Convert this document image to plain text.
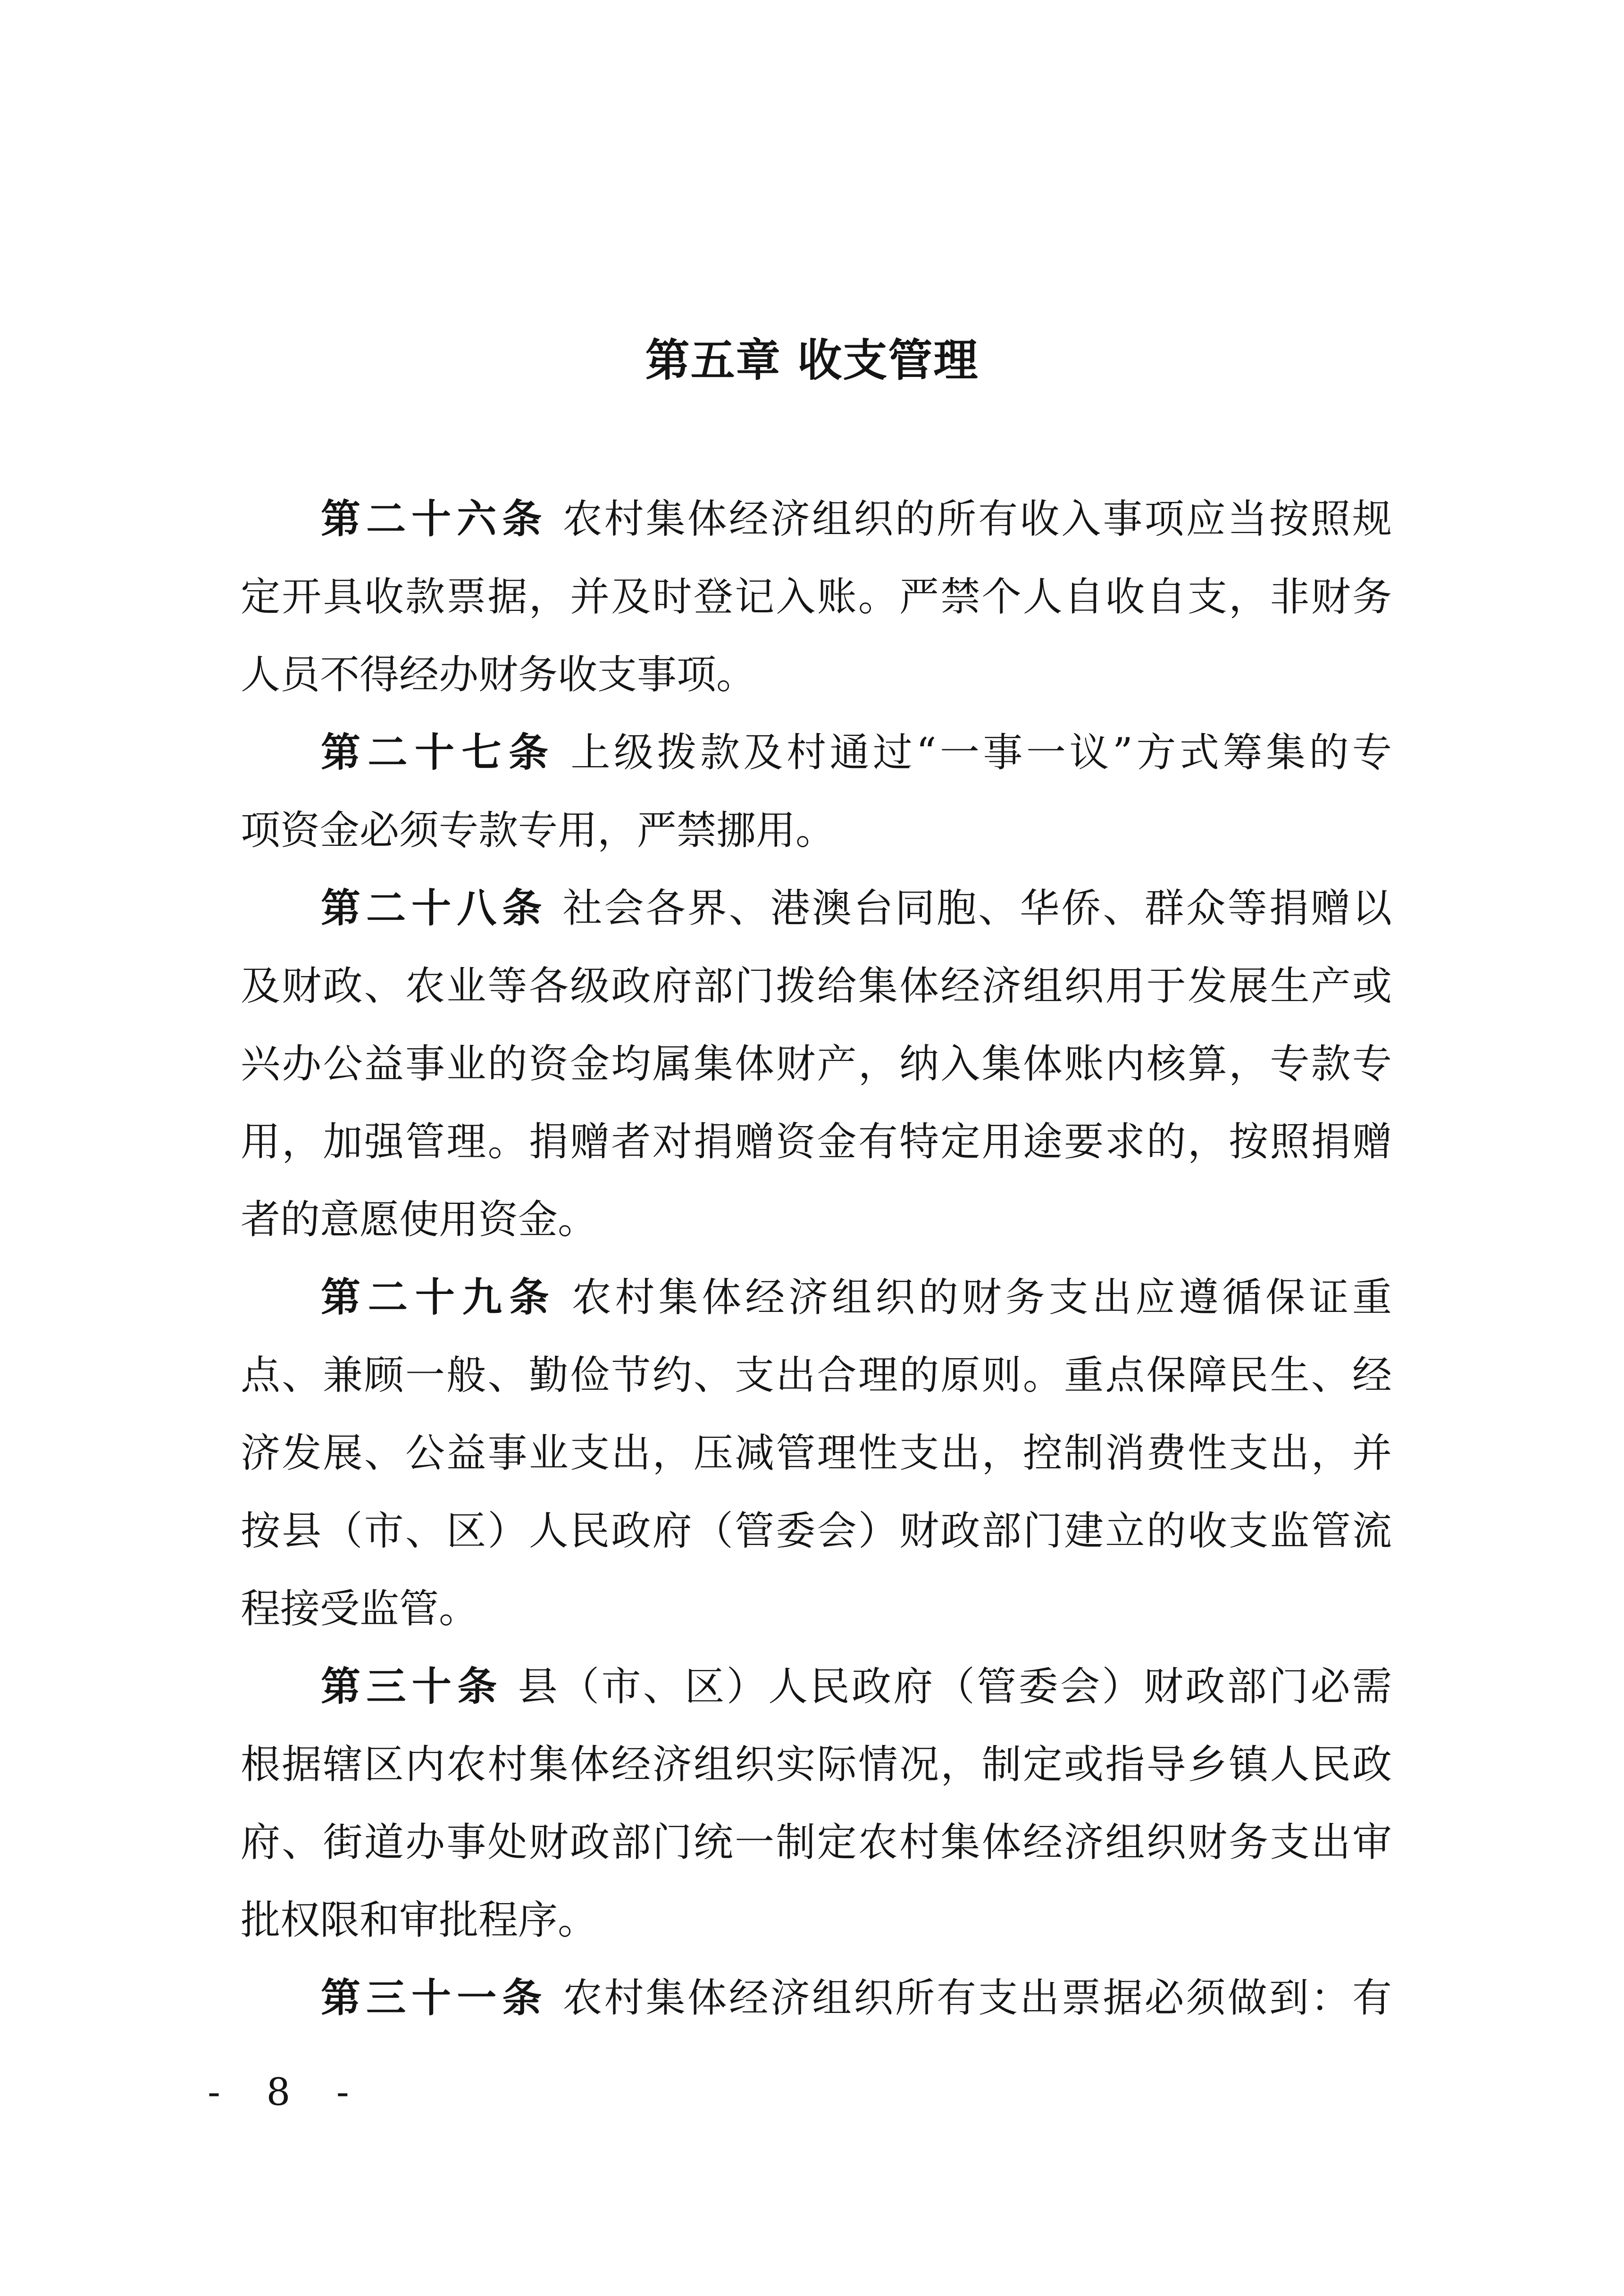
第五章 收支管理

第二十六条 农村集体经济组织的所有收入事项应当按照规

定开具收款票据，并及时登记入账。严禁个人自收自支，非财务

人员不得经办财务收支事项。

第二十七条 上级拨款及村通过“一事一议”方式筹集的专

项资金必须专款专用，严禁挪用。

第二十八条 社会各界、港澳台同胞、华侨、群众等捐赠以

及财政、农业等各级政府部门拨给集体经济组织用于发展生产或

兴办公益事业的资金均属集体财产，纳入集体账内核算，专款专

用，加强管理。捐赠者对捐赠资金有特定用途要求的，按照捐赠

者的意愿使用资金。

第二十九条 农村集体经济组织的财务支出应遵循保证重

点、兼顾一般、勤俭节约、支出合理的原则。重点保障民生、经

济发展、公益事业支出，压减管理性支出，控制消费性支出，并

按县（市、区）人民政府（管委会）财政部门建立的收支监管流

程接受监管。

第三十条 县（市、区）人民政府（管委会）财政部门必需

根据辖区内农村集体经济组织实际情况，制定或指导乡镇人民政

府、街道办事处财政部门统一制定农村集体经济组织财务支出审

批权限和审批程序。

第三十一条 农村集体经济组织所有支出票据必须做到：有

- 8 -
